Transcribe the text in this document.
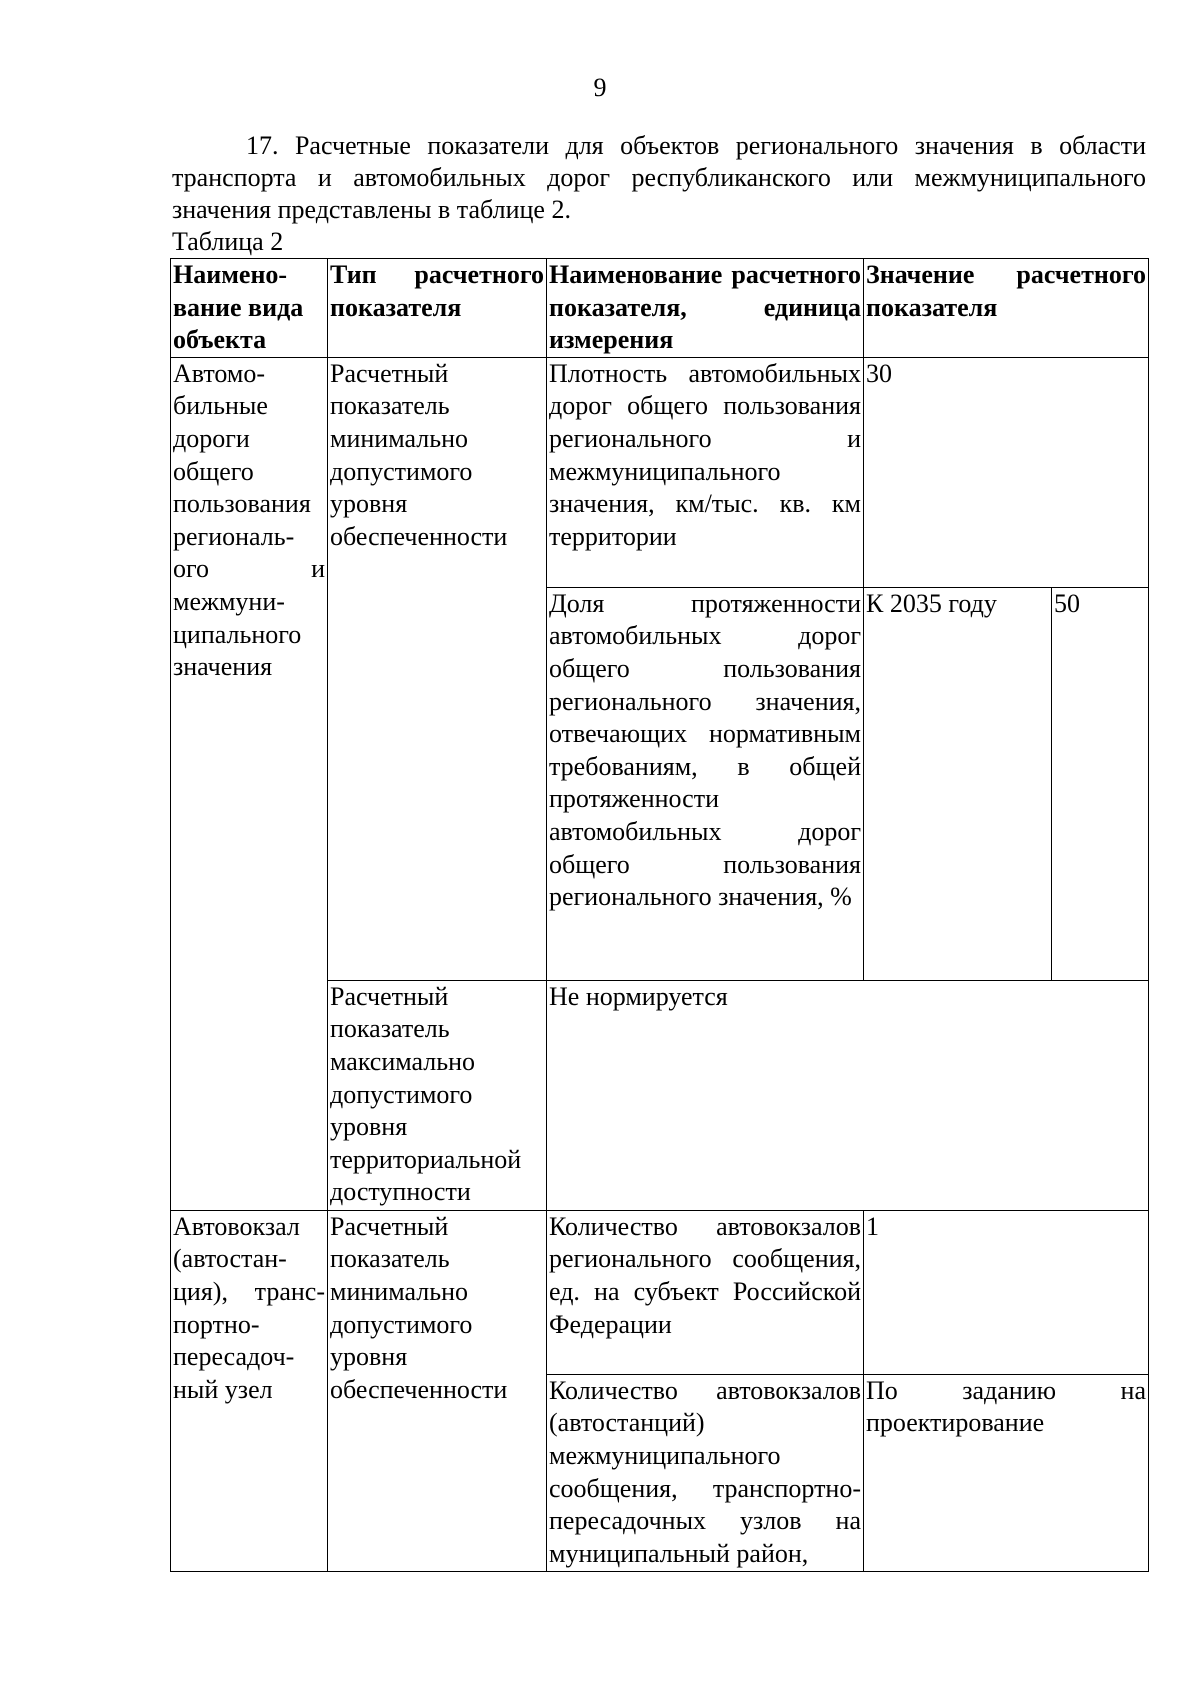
9

17. Расчетные показатели для объектов регионального значения в области транспорта и автомобильных дорог республиканского или межмуниципального значения представлены в таблице 2.

Таблица 2
Наимено-вание вида объекта	Тип расчетного показателя	Наименование расчетного показателя, единица измерения	Значение расчетного показателя	
Автомо-бильные дороги общего пользования региональ-ого и межмуни-ципального значения	Расчетный показатель минимально допустимого уровня обеспеченности	Плотность автомобильных дорог общего пользования регионального и межмуниципального значения, км/тыс. кв. км территории	30	
		Доля протяженности автомобильных дорог общего пользования регионального значения, отвечающих нормативным требованиям, в общей протяженности автомобильных дорог общего пользования регионального значения, %	К 2035 году	50
	Расчетный показатель максимально допустимого уровня территориальной доступности	Не нормируется		
Автовокзал (автостан-ция), транс-портно-пересадоч-ный узел	Расчетный показатель минимально допустимого уровня обеспеченности	Количество автовокзалов регионального сообщения, ед. на субъект Российской Федерации	1	
		Количество автовокзалов (автостанций) межмуниципального сообщения, транспортно-пересадочных узлов на муниципальный район,	По заданию на проектирование	
